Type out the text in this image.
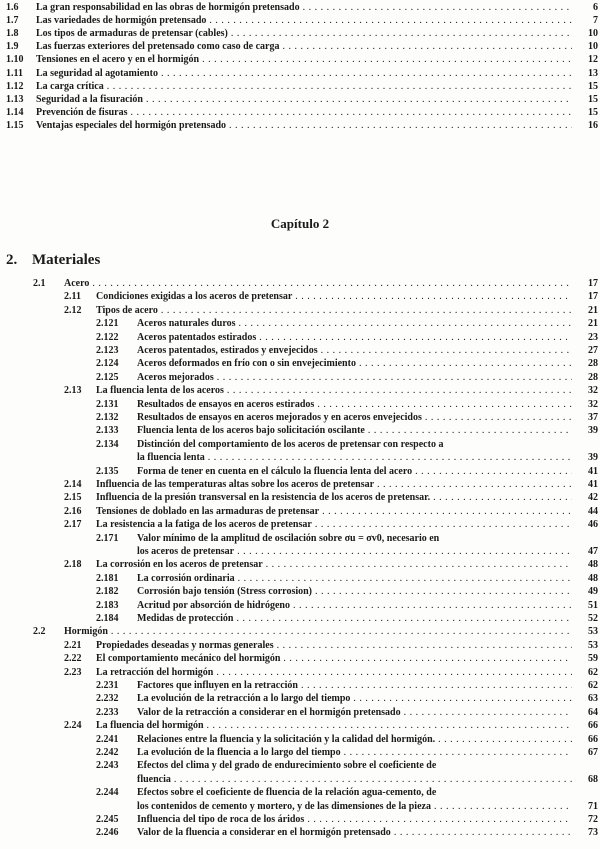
1.6 La gran responsabilidad en las obras de hormigón pretensado . . .	6
1.7 Las variedades de hormigón pretensado . . .	7
1.8 Los tipos de armaduras de pretensar (cables) . . .	10
1.9 Las fuerzas exteriores del pretensado como caso de carga . . .	10
1.10 Tensiones en el acero y en el hormigón . . .	12
1.11 La seguridad al agotamiento . . .	13
1.12 La carga crítica . . .	15
1.13 Seguridad a la fisuración . . .	15
1.14 Prevención de fisuras . . .	15
1.15 Ventajas especiales del hormigón pretensado . . .	16
Capítulo 2
2. Materiales
2.1 Acero . . .	17
2.11 Condiciones exigidas a los aceros de pretensar . . .	17
2.12 Tipos de acero . . .	21
2.121 Aceros naturales duros . . .	21
2.122 Aceros patentados estirados . . .	23
2.123 Aceros patentados, estirados y envejecidos . . .	27
2.124 Aceros deformados en frío con o sin envejecimiento . . .	28
2.125 Aceros mejorados . . .	28
2.13 La fluencia lenta de los aceros . . .	32
2.131 Resultados de ensayos en aceros estirados . . .	32
2.132 Resultados de ensayos en aceros mejorados y en aceros envejecidos . . .	37
2.133 Fluencia lenta de los aceros bajo solicitación oscilante . . .	39
2.134 Distinción del comportamiento de los aceros de pretensar con respecto a
la fluencia lenta . . .	39
2.135 Forma de tener en cuenta en el cálculo la fluencia lenta del acero . . .	41
2.14 Influencia de las temperaturas altas sobre los aceros de pretensar . . .	41
2.15 Influencia de la presión transversal en la resistencia de los aceros de pretensar. . . .	42
2.16 Tensiones de doblado en las armaduras de pretensar . . .	44
2.17 La resistencia a la fatiga de los aceros de pretensar . . .	46
2.171 Valor mínimo de la amplitud de oscilación sobre σu = σv0, necesario en
los aceros de pretensar . . .	47
2.18 La corrosión en los aceros de pretensar . . .	48
2.181 La corrosión ordinaria . . .	48
2.182 Corrosión bajo tensión (Stress corrosion) . . .	49
2.183 Acritud por absorción de hidrógeno . . .	51
2.184 Medidas de protección . . .	52
2.2 Hormigón . . .	53
2.21 Propiedades deseadas y normas generales . . .	53
2.22 El comportamiento mecánico del hormigón . . .	59
2.23 La retracción del hormigón . . .	62
2.231 Factores que influyen en la retracción . . .	62
2.232 La evolución de la retracción a lo largo del tiempo . . .	63
2.233 Valor de la retracción a considerar en el hormigón pretensado . . .	64
2.24 La fluencia del hormigón . . .	66
2.241 Relaciones entre la fluencia y la solicitación y la calidad del hormigón. . . .	66
2.242 La evolución de la fluencia a lo largo del tiempo . . .	67
2.243 Efectos del clima y del grado de endurecimiento sobre el coeficiente de
fluencia . . .	68
2.244 Efectos sobre el coeficiente de fluencia de la relación agua-cemento, de
los contenidos de cemento y mortero, y de las dimensiones de la pieza . . .	71
2.245 Influencia del tipo de roca de los áridos . . .	72
2.246 Valor de la fluencia a considerar en el hormigón pretensado . . .	73
